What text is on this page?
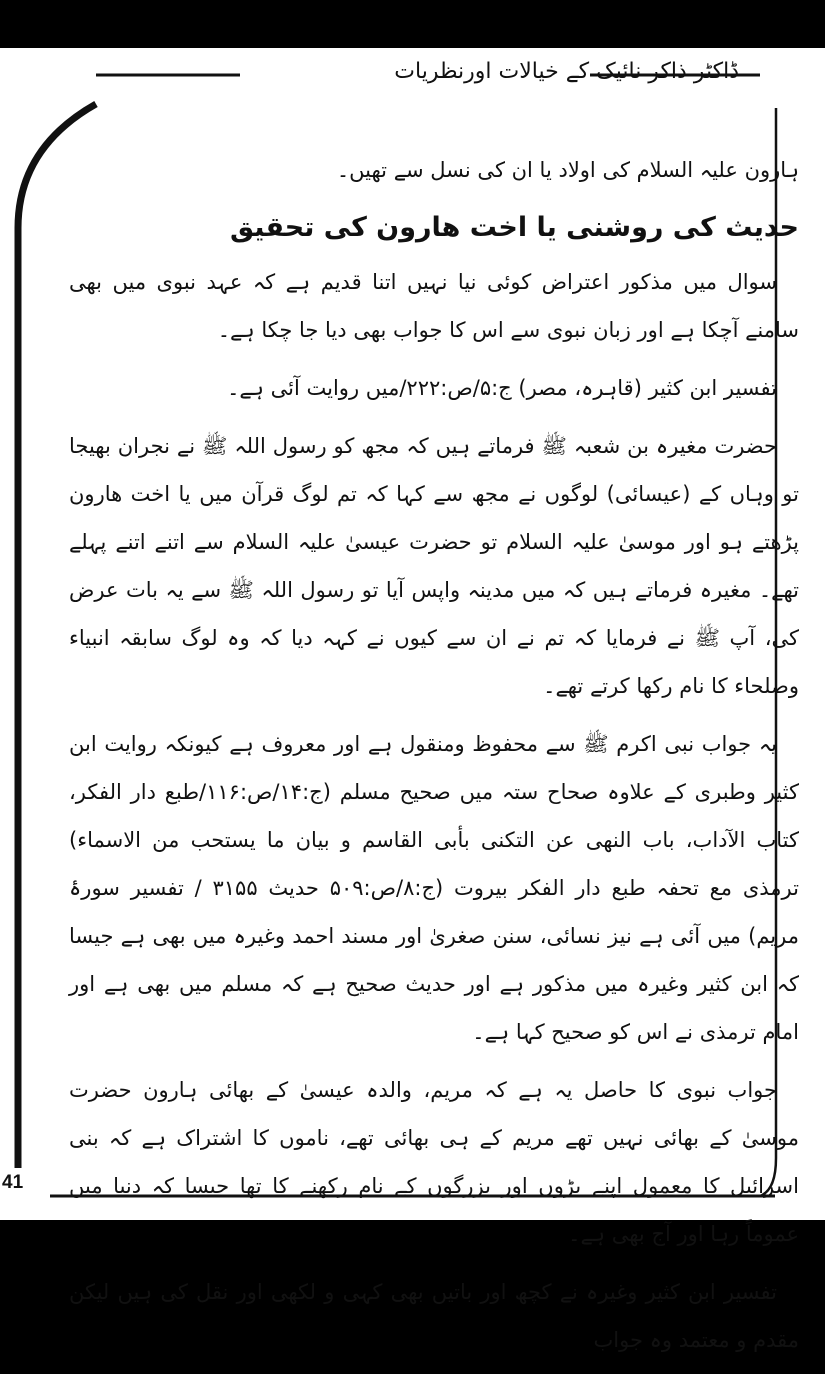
ڈاکٹر ذاکر نائیک کے خیالات اورنظریات

ہارون علیہ السلام کی اولاد یا ان کی نسل سے تھیں۔

حدیث کی روشنی یا اخت ھارون کی تحقیق

سوال میں مذکور اعتراض کوئی نیا نہیں اتنا قدیم ہے کہ عہد نبوی میں بھی سامنے آچکا ہے اور زبان نبوی سے اس کا جواب بھی دیا جا چکا ہے۔

تفسیر ابن کثیر (قاہرہ، مصر) ج:۵/ص:۲۲۲/میں روایت آئی ہے۔

حضرت مغیرہ بن شعبہ ﷺ فرماتے ہیں کہ مجھ کو رسول اللہ ﷺ نے نجران بھیجا تو وہاں کے (عیسائی) لوگوں نے مجھ سے کہا کہ تم لوگ قرآن میں یا اخت ھارون پڑھتے ہو اور موسیٰ علیہ السلام تو حضرت عیسیٰ علیہ السلام سے اتنے اتنے پہلے تھے۔ مغیرہ فرماتے ہیں کہ میں مدینہ واپس آیا تو رسول اللہ ﷺ سے یہ بات عرض کی، آپ ﷺ نے فرمایا کہ تم نے ان سے کیوں نے کہہ دیا کہ وہ لوگ سابقہ انبیاء وصلحاء کا نام رکھا کرتے تھے۔

یہ جواب نبی اکرم ﷺ سے محفوظ ومنقول ہے اور معروف ہے کیونکہ روایت ابن کثیر وطبری کے علاوہ صحاح ستہ میں صحیح مسلم (ج:۱۴/ص:۱۱۶/طبع دار الفکر، کتاب الآداب، باب النھی عن التکنی بأبی القاسم و بیان ما یستحب من الاسماء) ترمذی مع تحفہ طبع دار الفکر بیروت (ج:۸/ص:۵۰۹ حدیث ۳۱۵۵ / تفسیر سورۂ مریم) میں آئی ہے نیز نسائی، سنن صغریٰ اور مسند احمد وغیرہ میں بھی ہے جیسا کہ ابن کثیر وغیرہ میں مذکور ہے اور حدیث صحیح ہے کہ مسلم میں بھی ہے اور امام ترمذی نے اس کو صحیح کہا ہے۔

جواب نبوی کا حاصل یہ ہے کہ مریم، والدہ عیسیٰ کے بھائی ہارون حضرت موسیٰ کے بھائی نہیں تھے مریم کے ہی بھائی تھے، ناموں کا اشتراک ہے کہ بنی اسرائیل کا معمول اپنے بڑوں اور بزرگوں کے نام رکھنے کا تھا جیسا کہ دنیا میں عموماً رہا اور آج بھی ہے۔

تفسیر ابن کثیر وغیرہ نے کچھ اور باتیں بھی کہی و لکھی اور نقل کی ہیں لیکن مقدم و معتمد وہ جواب

41
